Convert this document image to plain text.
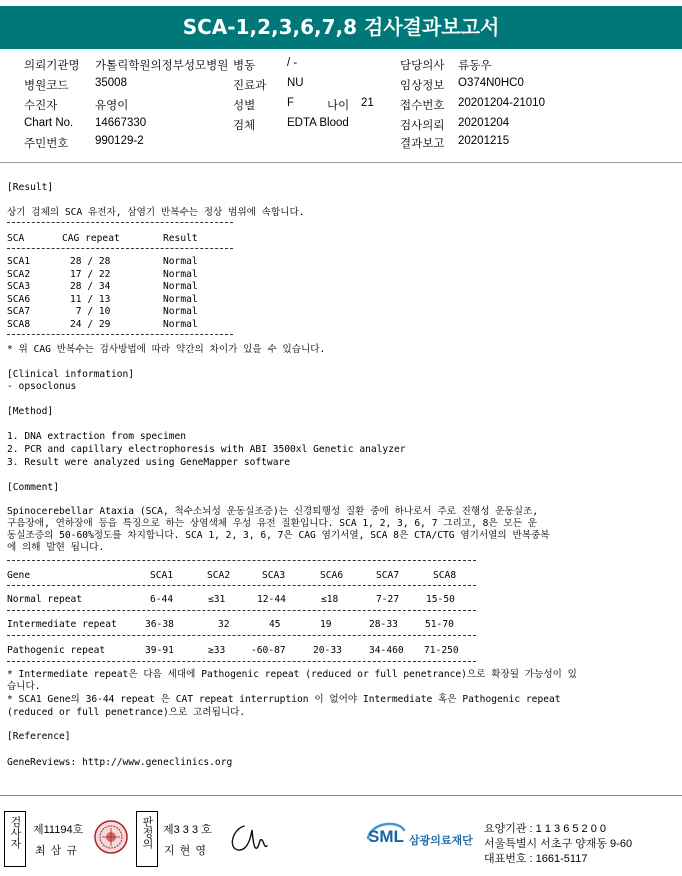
SCA-1,2,3,6,7,8 검사결과보고서
의뢰기관명 가톨릭학원의정부성모병원 병동	/ -	담당의사 류동우
병원코드 35008	진료과 NU	임상정보 O374N0HC0
수진자	유영이	성별	F	나이 21 접수번호 20201204-21010
Chart No. 14667330	검체	EDTA Blood	검사의뢰 20201204
주민번호 990129-2	결과보고 20201215
[Result]
상기 검체의 SCA 유전자, 삼염기 반복수는 정상 범위에 속합니다.
SCA	CAG repeat	Result
SCA1	28 / 28	Normal
SCA2	17 / 22	Normal
SCA3	28 / 34	Normal
SCA6	11 / 13	Normal
SCA7	7 / 10	Normal
SCA8	24 / 29	Normal
* 위 CAG 반복수는 검사방법에 따라 약간의 차이가 있을 수 있습니다.
[Clinical information]
- opsoclonus
[Method]
1. DNA extraction from specimen
2. PCR and capillary electrophoresis with ABI 3500xl Genetic analyzer
3. Result were analyzed using GeneMapper software
[Comment]
Spinocerebellar Ataxia (SCA, 척수소뇌성 운동실조증)는 신경퇴행성 질환 중에 하나로서 주로 진행성 운동실조,
구음장애, 연하장애 등을 특징으로 하는 상염색체 우성 유전 질환입니다. SCA 1, 2, 3, 6, 7 그리고, 8은 모든 운
동실조증의 50-60%정도를 차지합니다. SCA 1, 2, 3, 6, 7은 CAG 염기서열, SCA 8은 CTA/CTG 염기서열의 반복중복
에 의해 발현 됩니다.
Gene	SCA1	SCA2	SCA3	SCA6	SCA7	SCA8
Normal repeat	6-44	≤31	12-44	≤18	7-27	15-50
Intermediate repeat	36-38	32	45	19	28-33	51-70
Pathogenic repeat	39-91	≥33	-60-87	20-33	34-460 71-250
* Intermediate repeat은 다음 세대에 Pathogenic repeat (reduced or full penetrance)으로 확장될 가능성이 있
습니다.
* SCA1 Gene의 36-44 repeat 은 CAT repeat interruption 이 없어야 Intermediate 혹은 Pathogenic repeat
(reduced or full penetrance)으로 고려됩니다.
[Reference]
GeneReviews: http://www.geneclinics.org
검사자	제11194호
최 삼 규
판정의 제3 3 3 호
지 현 영
SML 삼광의료재단
요양기관 : 1 1 3 6 5 2 0 0
서울특별시 서초구 양재동 9-60
대표번호 : 1661-5117
